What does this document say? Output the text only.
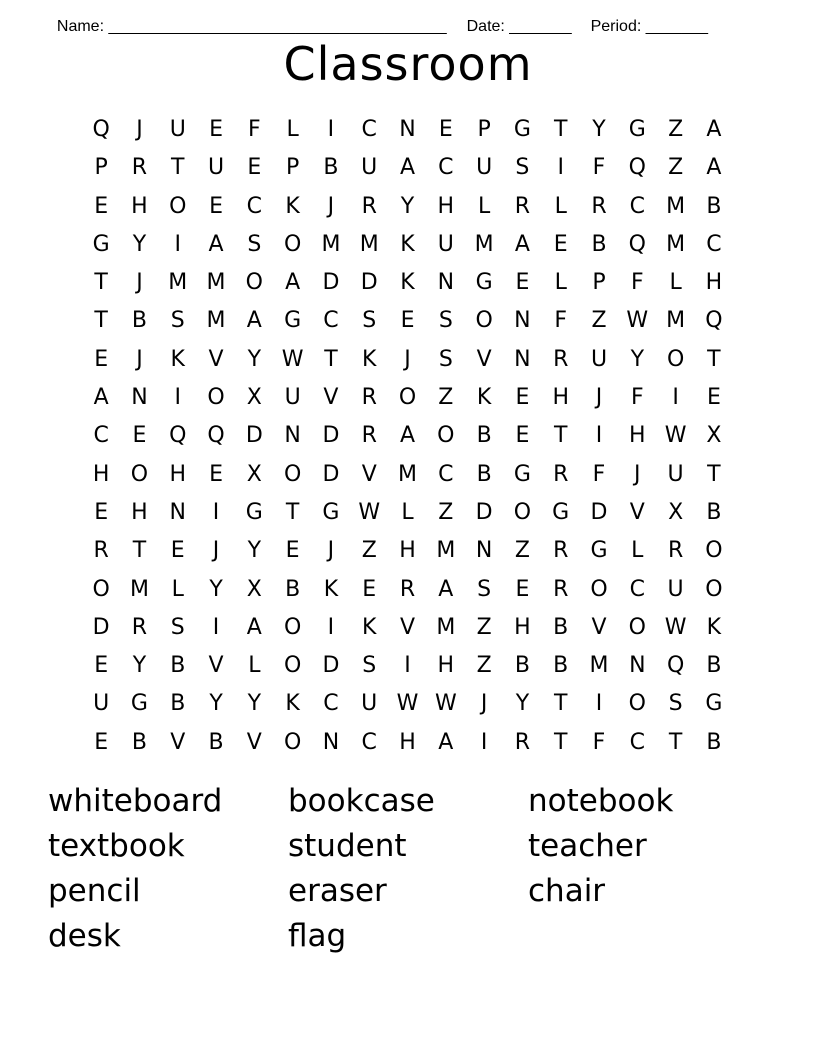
Name: ______________________________________ Date: _______ Period: _______

Classroom
Q	J	U	E	F	L	I	C	N	E	P	G	T	Y	G	Z	A
P	R	T	U	E	P	B	U	A	C	U	S	I	F	Q	Z	A
E	H O	E	C	K	J	R	Y	H	L	R	L	R	C M B
G	Y	I	A	S	O M M K	U M A	E	B	Q M C
T	J	M M O	A	D D	K	N G	E	L	P	F	L	H
T	B	S M A	G	C	S	E	S	O N	F	Z W M Q
E	J	K	V	Y W T	K	J	S	V	N	R	U	Y	O	T
A	N	I	O	X	U	V	R O	Z	K	E	H	J	F	I	E
C	E	Q Q D N D	R	A	O	B	E	T	I	H W X
H O H	E	X	O D	V M C	B	G	R	F	J	U	T
E	H N	I	G	T	G W L	Z	D O G D	V	X	B
R	T	E	J	Y	E	J	Z	H M N	Z	R	G	L	R O
O M	L	Y	X	B	K	E	R	A	S	E	R O C	U O
D	R	S	I	A	O	I	K	V M Z	H	B	V	O W K
E	Y	B	V	L	O D	S	I	H	Z	B	B M N Q	B
U G	B	Y	Y	K	C	U W W	J	Y	T	I	O	S	G
E	B	V	B	V	O N	C	H	A	I	R	T	F	C	T	B
whiteboard	bookcase	notebook
textbook	student	teacher
pencil	eraser	chair
desk	flag
